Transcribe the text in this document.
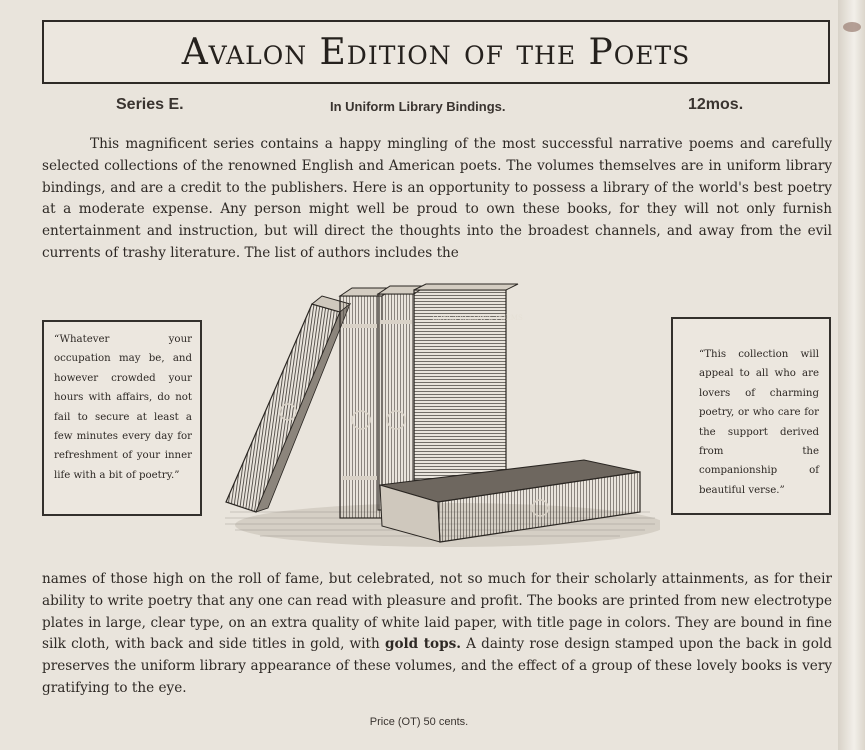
Avalon Edition of the Poets
Series E.	In Uniform Library Bindings.	12mos.

This magnificent series contains a happy mingling of the most successful narrative poems and carefully selected collections of the renowned English and American poets. The volumes themselves are in uniform library bindings, and are a credit to the publishers. Here is an opportunity to possess a library of the world's best poetry at a moderate expense. Any person might well be proud to own these books, for they will not only furnish entertainment and instruction, but will direct the thoughts into the broadest channels, and away from the evil currents of trashy literature. The list of authors includes the

“Whatever your occupation may be, and however crowded your hours with affairs, do not fail to secure at least a few minutes every day for refreshment of your inner life with a bit of poetry.”
“This collection will appeal to all who are lovers of charming poetry, or who care for the support derived from the companionship of beautiful verse.”
LONGFELLOW'S POEMS

names of those high on the roll of fame, but celebrated, not so much for their scholarly attainments, as for their ability to write poetry that any one can read with pleasure and profit. The books are printed from new electrotype plates in large, clear type, on an extra quality of white laid paper, with title page in colors. They are bound in fine silk cloth, with back and side titles in gold, with gold tops. A dainty rose design stamped upon the back in gold preserves the uniform library appearance of these volumes, and the effect of a group of these lovely books is very gratifying to the eye.

Price (OT) 50 cents.
